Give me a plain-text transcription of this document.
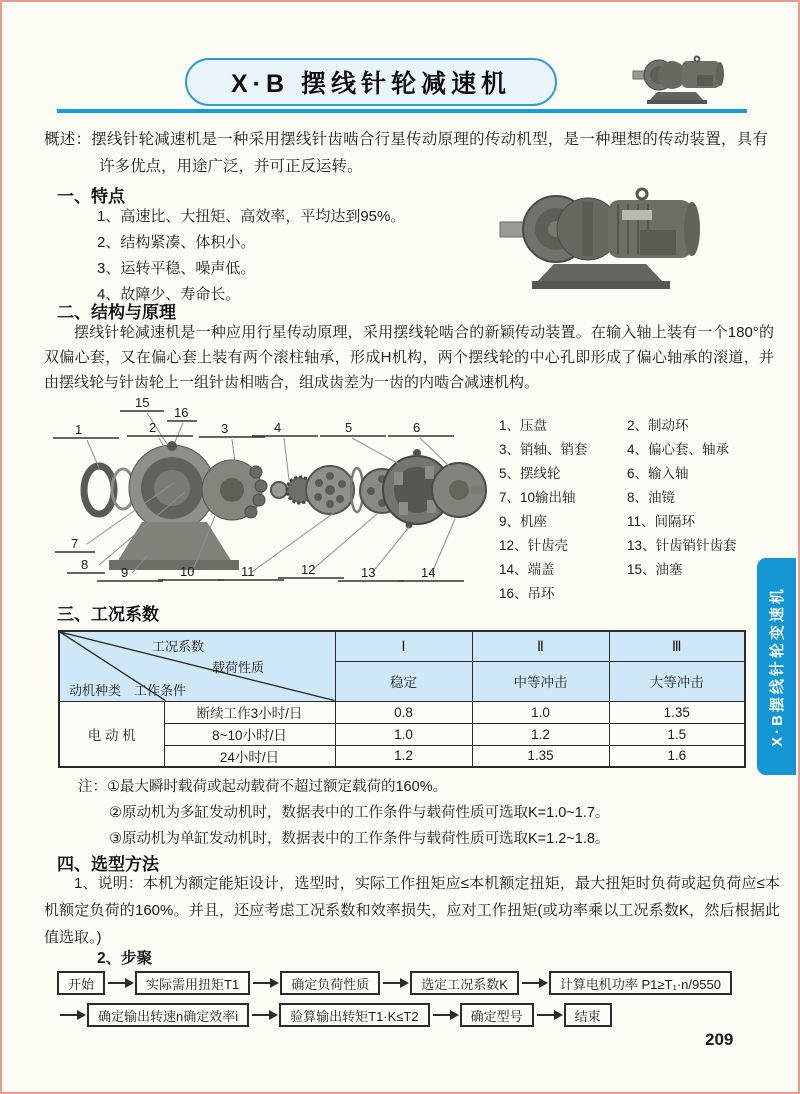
X·B 摆线针轮减速机

概述：摆线针轮减速机是一种采用摆线针齿啮合行星传动原理的传动机型，是一种理想的传动装置，具有许多优点，用途广泛，并可正反运转。

一、特点
1、高速比、大扭矩、高效率，平均达到95%。
2、结构紧凑、体积小。
3、运转平稳、噪声低。
4、故障少、寿命长。
二、结构与原理

摆线针轮减速机是一种应用行星传动原理，采用摆线轮啮合的新颖传动装置。在输入轴上装有一个180°的双偏心套，又在偏心套上装有两个滚柱轴承，形成H机构，两个摆线轮的中心孔即形成了偏心轴承的滚道，并由摆线轮与针齿轮上一组针齿相啮合，组成齿差为一齿的内啮合减速机构。

1	2	3	4	5	6
7
8
9	10	11	12	13	14
15
16
1、压盘	2、制动环
3、销轴、销套	4、偏心套、轴承
5、摆线轮	6、输入轴
7、10输出轴	8、油镜
9、机座	11、间隔环
12、针齿壳	13、针齿销针齿套
14、端盖	15、油塞
16、吊环
三、工况系数
工况系数
载荷性质
动机种类 工作条件		Ⅰ	Ⅱ	Ⅲ
		稳定	中等冲击	大等冲击
电 动 机	断续工作3小时/日	0.8	1.0	1.35
	8~10小时/日	1.0	1.2	1.5
	24小时/日	1.2	1.35	1.6
注：①最大瞬时载荷或起动载荷不超过额定载荷的160%。
②原动机为多缸发动机时，数据表中的工作条件与载荷性质可选取K=1.0~1.7。
③原动机为单缸发动机时，数据表中的工作条件与载荷性质可选取K=1.2~1.8。
四、选型方法

1、说明：本机为额定能矩设计，选型时，实际工作扭矩应≤本机额定扭矩，最大扭矩时负荷或起负荷应≤本机额定负荷的160%。并且，还应考虑工况系数和效率损失，应对工作扭矩(或功率乘以工况系数K，然后根据此值选取。)

2、步聚
开始	实际需用扭矩T1	确定负荷性质	选定工况系数K	计算电机功率 P1≥T₁·n/9550
确定输出转速n确定效率i	验算输出转矩T1·K≤T2	确定型号	结束
209
X·B摆线针轮变速机
